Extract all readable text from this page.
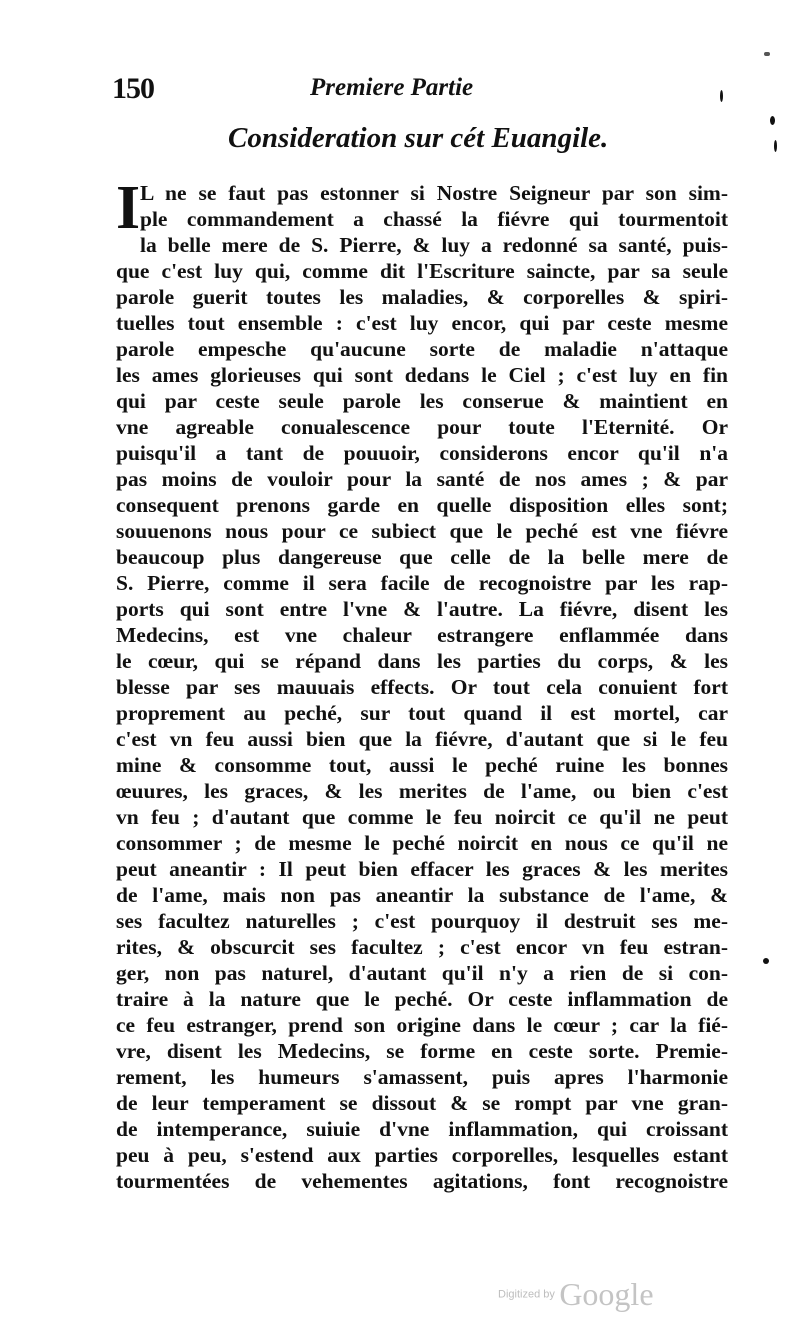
150	Premiere Partie
Consideration sur cét Euangile.
I L ne se faut pas estonner si Nostre Seigneur par son sim-
ple commandement a chassé la fiévre qui tourmentoit
la belle mere de S. Pierre, & luy a redonné sa santé, puis-
que c'est luy qui, comme dit l'Escriture saincte, par sa seule
parole guerit toutes les maladies, & corporelles & spiri-
tuelles tout ensemble : c'est luy encor, qui par ceste mesme
parole empesche qu'aucune sorte de maladie n'attaque
les ames glorieuses qui sont dedans le Ciel ; c'est luy en fin
qui par ceste seule parole les conserue & maintient en
vne agreable conualescence pour toute l'Eternité. Or
puisqu'il a tant de pouuoir, considerons encor qu'il n'a
pas moins de vouloir pour la santé de nos ames ; & par
consequent prenons garde en quelle disposition elles sont;
souuenons nous pour ce subiect que le peché est vne fiévre
beaucoup plus dangereuse que celle de la belle mere de
S. Pierre, comme il sera facile de recognoistre par les rap-
ports qui sont entre l'vne & l'autre. La fiévre, disent les
Medecins, est vne chaleur estrangere enflammée dans
le cœur, qui se répand dans les parties du corps, & les
blesse par ses mauuais effects. Or tout cela conuient fort
proprement au peché, sur tout quand il est mortel, car
c'est vn feu aussi bien que la fiévre, d'autant que si le feu
mine & consomme tout, aussi le peché ruine les bonnes
œuures, les graces, & les merites de l'ame, ou bien c'est
vn feu ; d'autant que comme le feu noircit ce qu'il ne peut
consommer ; de mesme le peché noircit en nous ce qu'il ne
peut aneantir : Il peut bien effacer les graces & les merites
de l'ame, mais non pas aneantir la substance de l'ame, &
ses facultez naturelles ; c'est pourquoy il destruit ses me-
rites, & obscurcit ses facultez ; c'est encor vn feu estran-
ger, non pas naturel, d'autant qu'il n'y a rien de si con-
traire à la nature que le peché. Or ceste inflammation de
ce feu estranger, prend son origine dans le cœur ; car la fié-
vre, disent les Medecins, se forme en ceste sorte. Premie-
rement, les humeurs s'amassent, puis apres l'harmonie
de leur temperament se dissout & se rompt par vne gran-
de intemperance, suiuie d'vne inflammation, qui croissant
peu à peu, s'estend aux parties corporelles, lesquelles estant
tourmentées de vehementes agitations, font recognoistre
Digitized by Google
